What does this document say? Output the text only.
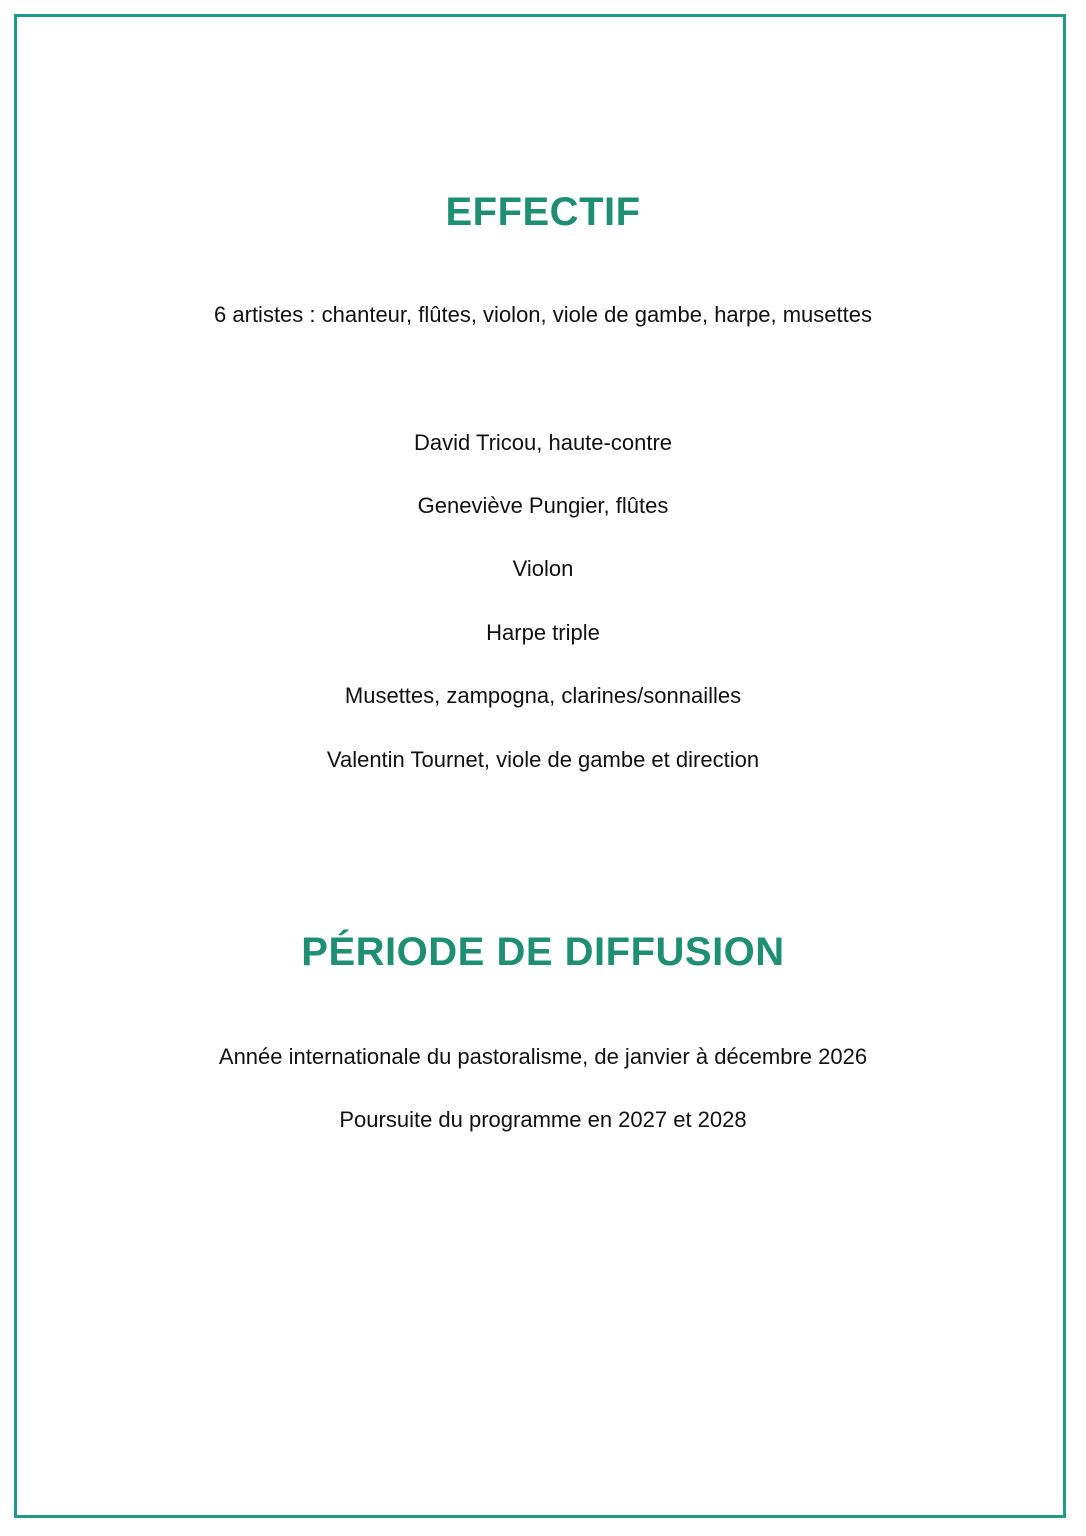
EFFECTIF

6 artistes : chanteur, flûtes, violon, viole de gambe, harpe, musettes

David Tricou, haute-contre

Geneviève Pungier, flûtes

Violon

Harpe triple

Musettes, zampogna, clarines/sonnailles

Valentin Tournet, viole de gambe et direction

PÉRIODE DE DIFFUSION

Année internationale du pastoralisme, de janvier à décembre 2026

Poursuite du programme en 2027 et 2028
